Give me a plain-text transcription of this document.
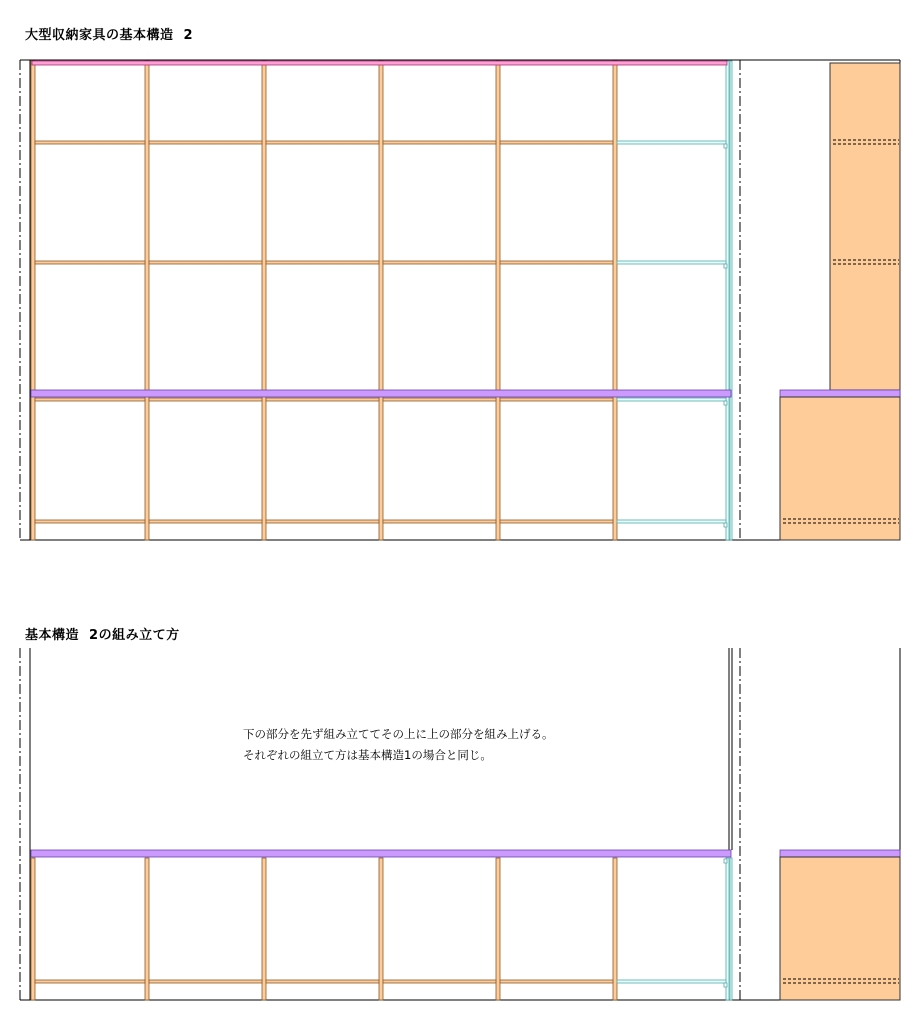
大型収納家具の基本構造  2
基本構造  2の組み立て方
下の部分を先ず組み立ててその上に上の部分を組み上げる。
それぞれの組立て方は基本構造1の場合と同じ。
